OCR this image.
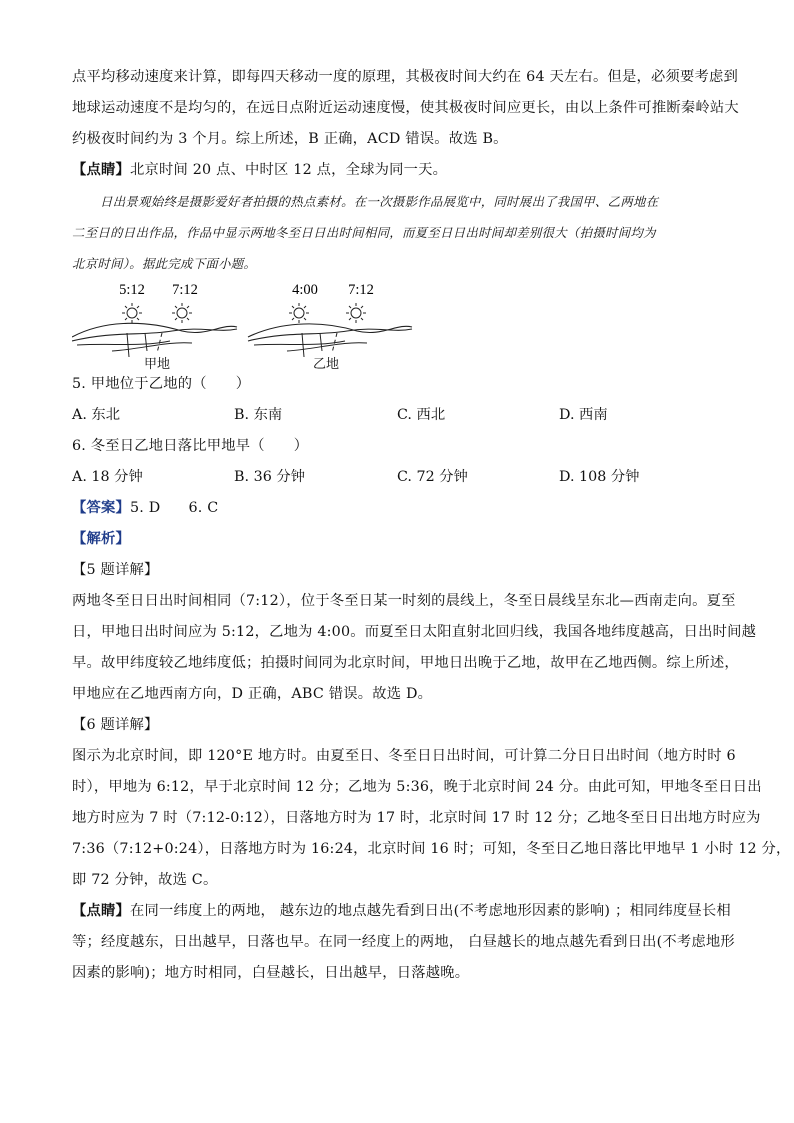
点平均移动速度来计算，即每四天移动一度的原理，其极夜时间大约在 64 天左右。但是，必须要考虑到

地球运动速度不是均匀的，在远日点附近运动速度慢，使其极夜时间应更长，由以上条件可推断秦岭站大

约极夜时间约为 3 个月。综上所述，B 正确，ACD 错误。故选 B。

【点睛】北京时间 20 点、中时区 12 点，全球为同一天。

日出景观始终是摄影爱好者拍摄的热点素材。在一次摄影作品展览中，同时展出了我国甲、乙两地在

二至日的日出作品，作品中显示两地冬至日日出时间相同，而夏至日日出时间却差别很大（拍摄时间均为

北京时间）。据此完成下面小题。

5:12 7:12	4:00 7:12
甲地	乙地

5. 甲地位于乙地的（　　）

A. 东北	B. 东南	C. 西北	D. 西南

6. 冬至日乙地日落比甲地早（　　）

A. 18 分钟	B. 36 分钟	C. 72 分钟	D. 108 分钟

【答案】5. D 6. C

【解析】

【5 题详解】

两地冬至日日出时间相同（7:12），位于冬至日某一时刻的晨线上，冬至日晨线呈东北—西南走向。夏至

日，甲地日出时间应为 5:12，乙地为 4:00。而夏至日太阳直射北回归线，我国各地纬度越高，日出时间越

早。故甲纬度较乙地纬度低；拍摄时间同为北京时间，甲地日出晚于乙地，故甲在乙地西侧。综上所述，

甲地应在乙地西南方向，D 正确，ABC 错误。故选 D。

【6 题详解】

图示为北京时间，即 120°E 地方时。由夏至日、冬至日日出时间，可计算二分日日出时间（地方时时 6

时），甲地为 6:12，早于北京时间 12 分；乙地为 5:36，晚于北京时间 24 分。由此可知，甲地冬至日日出

地方时应为 7 时（7:12-0:12），日落地方时为 17 时，北京时间 17 时 12 分；乙地冬至日日出地方时应为

7:36（7:12+0:24），日落地方时为 16:24，北京时间 16 时；可知，冬至日乙地日落比甲地早 1 小时 12 分，

即 72 分钟，故选 C。

【点睛】在同一纬度上的两地， 越东边的地点越先看到日出(不考虑地形因素的影响) ；相同纬度昼长相

等；经度越东，日出越早，日落也早。在同一经度上的两地， 白昼越长的地点越先看到日出(不考虑地形

因素的影响)；地方时相同，白昼越长，日出越早，日落越晚。
